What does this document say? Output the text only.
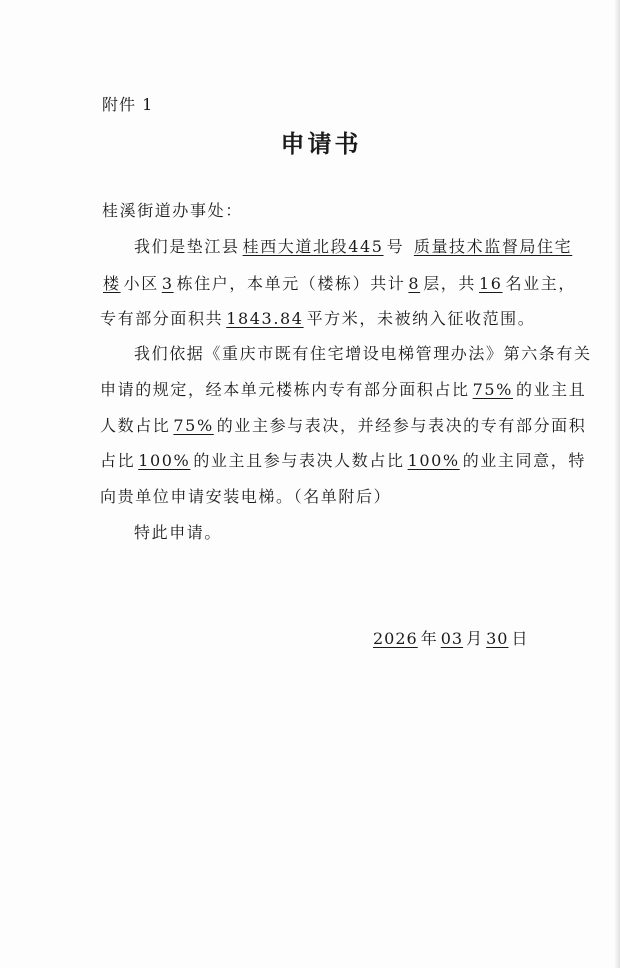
附件 1
申请书
桂溪街道办事处：
我们是垫江县 桂西大道北段445 号 质量技术监督局住宅
楼 小区 3 栋住户，本单元（楼栋）共计 8 层，共 16 名业主，
专有部分面积共 1843.84 平方米，未被纳入征收范围。
我们依据《重庆市既有住宅增设电梯管理办法》第六条有关
申请的规定，经本单元楼栋内专有部分面积占比 75% 的业主且
人数占比 75% 的业主参与表决，并经参与表决的专有部分面积
占比 100% 的业主且参与表决人数占比 100% 的业主同意，特
向贵单位申请安装电梯。（名单附后）
特此申请。
2026 年 03 月 30 日
